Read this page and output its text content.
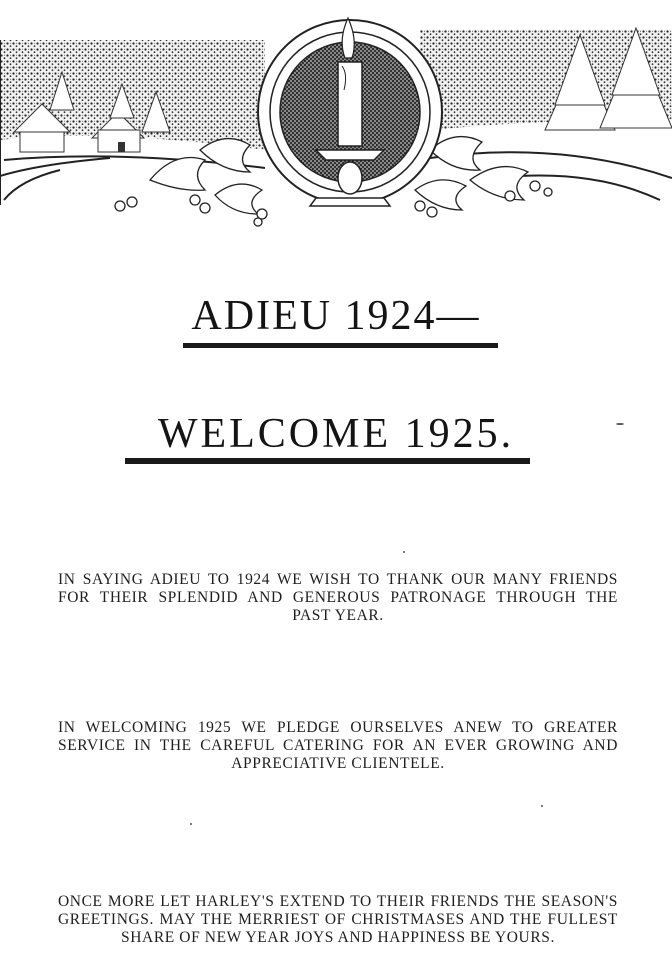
ADIEU 1924—
WELCOME 1925.

IN SAYING ADIEU TO 1924 WE WISH TO THANK OUR MANY FRIENDS FOR THEIR SPLENDID AND GENEROUS PATRONAGE THROUGH THE PAST YEAR.

IN WELCOMING 1925 WE PLEDGE OURSELVES ANEW TO GREATER SERVICE IN THE CAREFUL CATERING FOR AN EVER GROWING AND APPRECIATIVE CLIENTELE.

ONCE MORE LET HARLEY'S EXTEND TO THEIR FRIENDS THE SEASON'S GREETINGS. MAY THE MERRIEST OF CHRISTMASES AND THE FULLEST SHARE OF NEW YEAR JOYS AND HAPPINESS BE YOURS.
